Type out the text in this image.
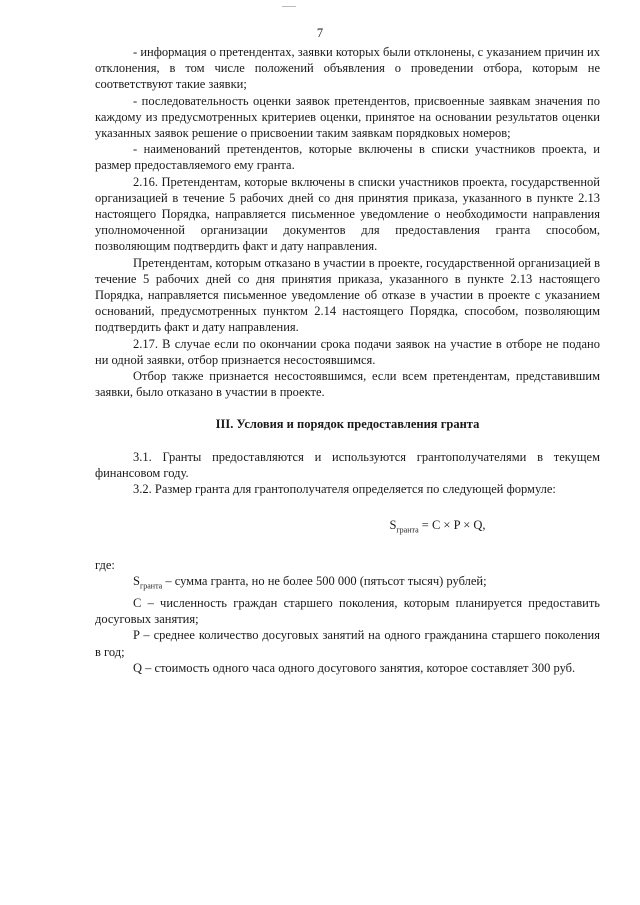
7

- информация о претендентах, заявки которых были отклонены, с указанием причин их отклонения, в том числе положений объявления о проведении отбора, которым не соответствуют такие заявки;

- последовательность оценки заявок претендентов, присвоенные заявкам значения по каждому из предусмотренных критериев оценки, принятое на основании результатов оценки указанных заявок решение о присвоении таким заявкам порядковых номеров;

- наименований претендентов, которые включены в списки участников проекта, и размер предоставляемого ему гранта.

2.16. Претендентам, которые включены в списки участников проекта, государственной организацией в течение 5 рабочих дней со дня принятия приказа, указанного в пункте 2.13 настоящего Порядка, направляется письменное уведомление о необходимости направления уполномоченной организации документов для предоставления гранта способом, позволяющим подтвердить факт и дату направления.

Претендентам, которым отказано в участии в проекте, государственной организацией в течение 5 рабочих дней со дня принятия приказа, указанного в пункте 2.13 настоящего Порядка, направляется письменное уведомление об отказе в участии в проекте с указанием оснований, предусмотренных пунктом 2.14 настоящего Порядка, способом, позволяющим подтвердить факт и дату направления.

2.17. В случае если по окончании срока подачи заявок на участие в отборе не подано ни одной заявки, отбор признается несостоявшимся.

Отбор также признается несостоявшимся, если всем претендентам, представившим заявки, было отказано в участии в проекте.

III. Условия и порядок предоставления гранта

3.1. Гранты предоставляются и используются грантополучателями в текущем финансовом году.

3.2. Размер гранта для грантополучателя определяется по следующей формуле:

$S_{гранта} = C \times P \times Q$,

где:

$S_{гранта}$ – сумма гранта, но не более 500 000 (пятьсот тысяч) рублей;

C – численность граждан старшего поколения, которым планируется предоставить досуговых занятия;

P – среднее количество досуговых занятий на одного гражданина старшего поколения в год;

Q – стоимость одного часа одного досугового занятия, которое составляет 300 руб.
